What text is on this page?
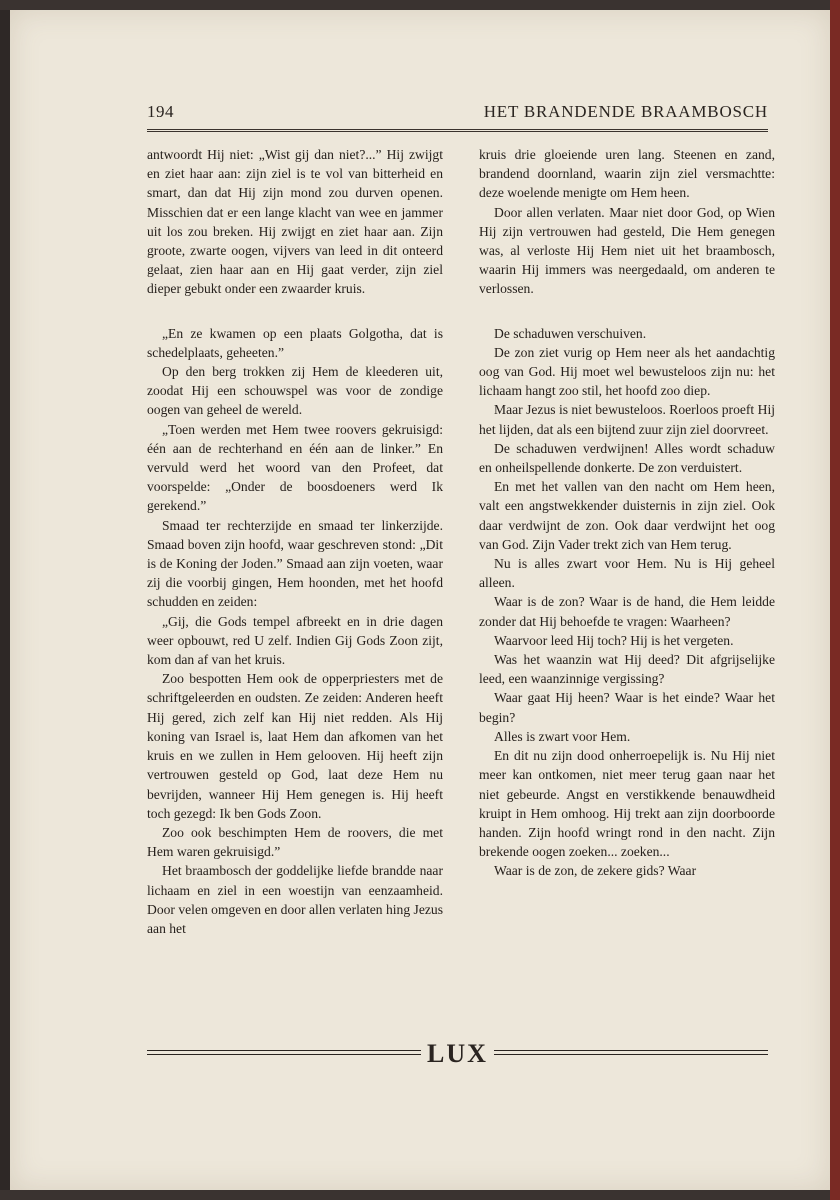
194	HET BRANDENDE BRAAMBOSCH

antwoordt Hij niet: „Wist gij dan niet?...” Hij zwijgt en ziet haar aan: zijn ziel is te vol van bitterheid en smart, dan dat Hij zijn mond zou durven openen. Misschien dat er een lange klacht van wee en jammer uit los zou breken. Hij zwijgt en ziet haar aan. Zijn groote, zwarte oogen, vijvers van leed in dit onteerd gelaat, zien haar aan en Hij gaat verder, zijn ziel dieper gebukt onder een zwaarder kruis.

„En ze kwamen op een plaats Golgotha, dat is schedelplaats, geheeten.”

Op den berg trokken zij Hem de kleederen uit, zoodat Hij een schouwspel was voor de zondige oogen van geheel de wereld.

„Toen werden met Hem twee roovers gekruisigd: één aan de rechterhand en één aan de linker.” En vervuld werd het woord van den Profeet, dat voorspelde: „Onder de boosdoeners werd Ik gerekend.”

Smaad ter rechterzijde en smaad ter linkerzijde. Smaad boven zijn hoofd, waar geschreven stond: „Dit is de Koning der Joden.” Smaad aan zijn voeten, waar zij die voorbij gingen, Hem hoonden, met het hoofd schudden en zeiden:

„Gij, die Gods tempel afbreekt en in drie dagen weer opbouwt, red U zelf. Indien Gij Gods Zoon zijt, kom dan af van het kruis.

Zoo bespotten Hem ook de opperpriesters met de schriftgeleerden en oudsten. Ze zeiden: Anderen heeft Hij gered, zich zelf kan Hij niet redden. Als Hij koning van Israel is, laat Hem dan afkomen van het kruis en we zullen in Hem gelooven. Hij heeft zijn vertrouwen gesteld op God, laat deze Hem nu bevrijden, wanneer Hij Hem genegen is. Hij heeft toch gezegd: Ik ben Gods Zoon.

Zoo ook beschimpten Hem de roovers, die met Hem waren gekruisigd.”

Het braambosch der goddelijke liefde brandde naar lichaam en ziel in een woestijn van eenzaamheid. Door velen omgeven en door allen verlaten hing Jezus aan het

kruis drie gloeiende uren lang. Steenen en zand, brandend doornland, waarin zijn ziel versmachtte: deze woelende menigte om Hem heen.

Door allen verlaten. Maar niet door God, op Wien Hij zijn vertrouwen had gesteld, Die Hem genegen was, al verloste Hij Hem niet uit het braambosch, waarin Hij immers was neergedaald, om anderen te verlossen.

De schaduwen verschuiven.

De zon ziet vurig op Hem neer als het aandachtig oog van God. Hij moet wel bewusteloos zijn nu: het lichaam hangt zoo stil, het hoofd zoo diep.

Maar Jezus is niet bewusteloos. Roerloos proeft Hij het lijden, dat als een bijtend zuur zijn ziel doorvreet.

De schaduwen verdwijnen! Alles wordt schaduw en onheilspellende donkerte. De zon verduistert.

En met het vallen van den nacht om Hem heen, valt een angstwekkender duisternis in zijn ziel. Ook daar verdwijnt de zon. Ook daar verdwijnt het oog van God. Zijn Vader trekt zich van Hem terug.

Nu is alles zwart voor Hem. Nu is Hij geheel alleen.

Waar is de zon? Waar is de hand, die Hem leidde zonder dat Hij behoefde te vragen: Waarheen?

Waarvoor leed Hij toch? Hij is het vergeten.

Was het waanzin wat Hij deed? Dit afgrijselijke leed, een waanzinnige vergissing?

Waar gaat Hij heen? Waar is het einde? Waar het begin?

Alles is zwart voor Hem.

En dit nu zijn dood onherroepelijk is. Nu Hij niet meer kan ontkomen, niet meer terug gaan naar het niet gebeurde. Angst en verstikkende benauwdheid kruipt in Hem omhoog. Hij trekt aan zijn doorboorde handen. Zijn hoofd wringt rond in den nacht. Zijn brekende oogen zoeken... zoeken...

Waar is de zon, de zekere gids? Waar

LUX
